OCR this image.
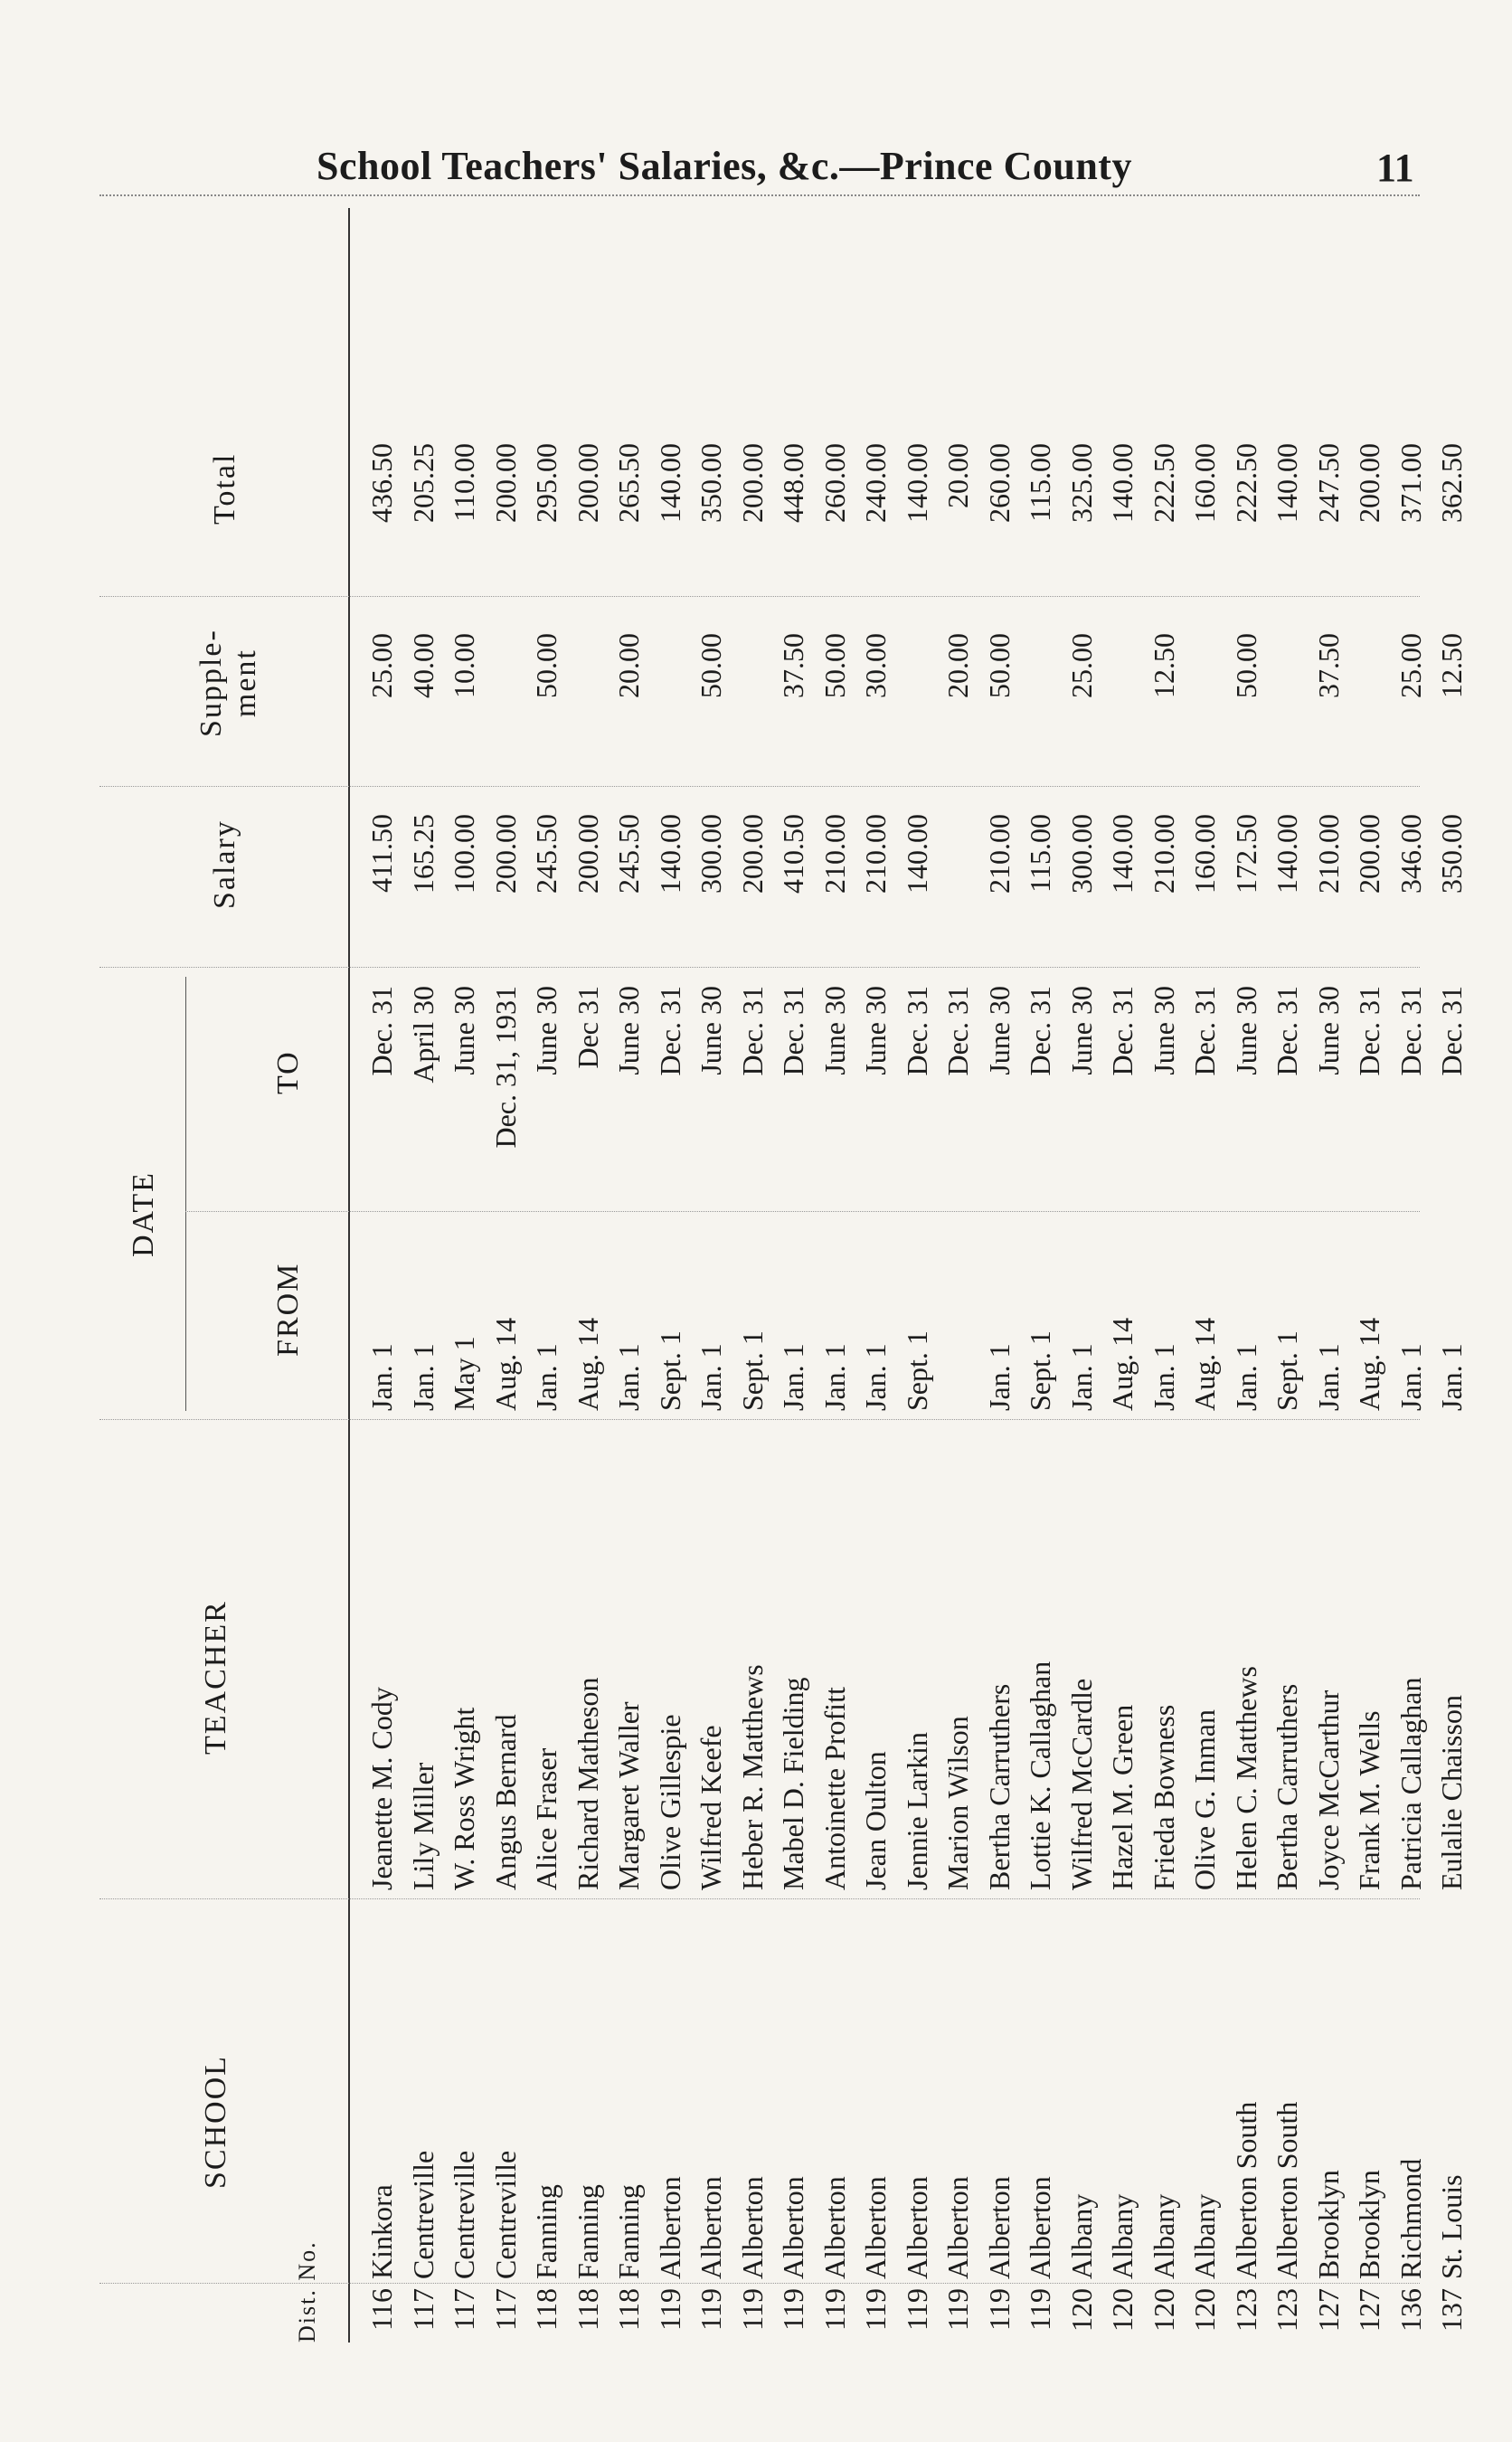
School Teachers' Salaries, &c.—Prince County	11
Dist. No.
SCHOOL
TEACHER
DATE
FROM
TO
Salary
Supple-
ment
Total
116
Kinkora
Jeanette M. Cody
Jan. 1
Dec. 31
411.50
25.00
436.50
117
Centreville
Lily Miller
Jan. 1
April 30
165.25
40.00
205.25
117
Centreville
W. Ross Wright
May 1
June 30
100.00
10.00
110.00
117
Centreville
Angus Bernard
Aug. 14
Dec. 31, 1931
200.00
200.00
118
Fanning
Alice Fraser
Jan. 1
June 30
245.50
50.00
295.00
118
Fanning
Richard Matheson
Aug. 14
Dec 31
200.00
200.00
118
Fanning
Margaret Waller
Jan. 1
June 30
245.50
20.00
265.50
119
Alberton
Olive Gillespie
Sept. 1
Dec. 31
140.00
140.00
119
Alberton
Wilfred Keefe
Jan. 1
June 30
300.00
50.00
350.00
119
Alberton
Heber R. Matthews
Sept. 1
Dec. 31
200.00
200.00
119
Alberton
Mabel D. Fielding
Jan. 1
Dec. 31
410.50
37.50
448.00
119
Alberton
Antoinette Profitt
Jan. 1
June 30
210.00
50.00
260.00
119
Alberton
Jean Oulton
Jan. 1
June 30
210.00
30.00
240.00
119
Alberton
Jennie Larkin
Sept. 1
Dec. 31
140.00
140.00
119
Alberton
Marion Wilson
Dec. 31
20.00
20.00
119
Alberton
Bertha Carruthers
Jan. 1
June 30
210.00
50.00
260.00
119
Alberton
Lottie K. Callaghan
Sept. 1
Dec. 31
115.00
115.00
120
Albany
Wilfred McCardle
Jan. 1
June 30
300.00
25.00
325.00
120
Albany
Hazel M. Green
Aug. 14
Dec. 31
140.00
140.00
120
Albany
Frieda Bowness
Jan. 1
June 30
210.00
12.50
222.50
120
Albany
Olive G. Inman
Aug. 14
Dec. 31
160.00
160.00
123
Alberton South
Helen C. Matthews
Jan. 1
June 30
172.50
50.00
222.50
123
Alberton South
Bertha Carruthers
Sept. 1
Dec. 31
140.00
140.00
127
Brooklyn
Joyce McCarthur
Jan. 1
June 30
210.00
37.50
247.50
127
Brooklyn
Frank M. Wells
Aug. 14
Dec. 31
200.00
200.00
136
Richmond
Patricia Callaghan
Jan. 1
Dec. 31
346.00
25.00
371.00
137
St. Louis
Eulalie Chaisson
Jan. 1
Dec. 31
350.00
12.50
362.50
